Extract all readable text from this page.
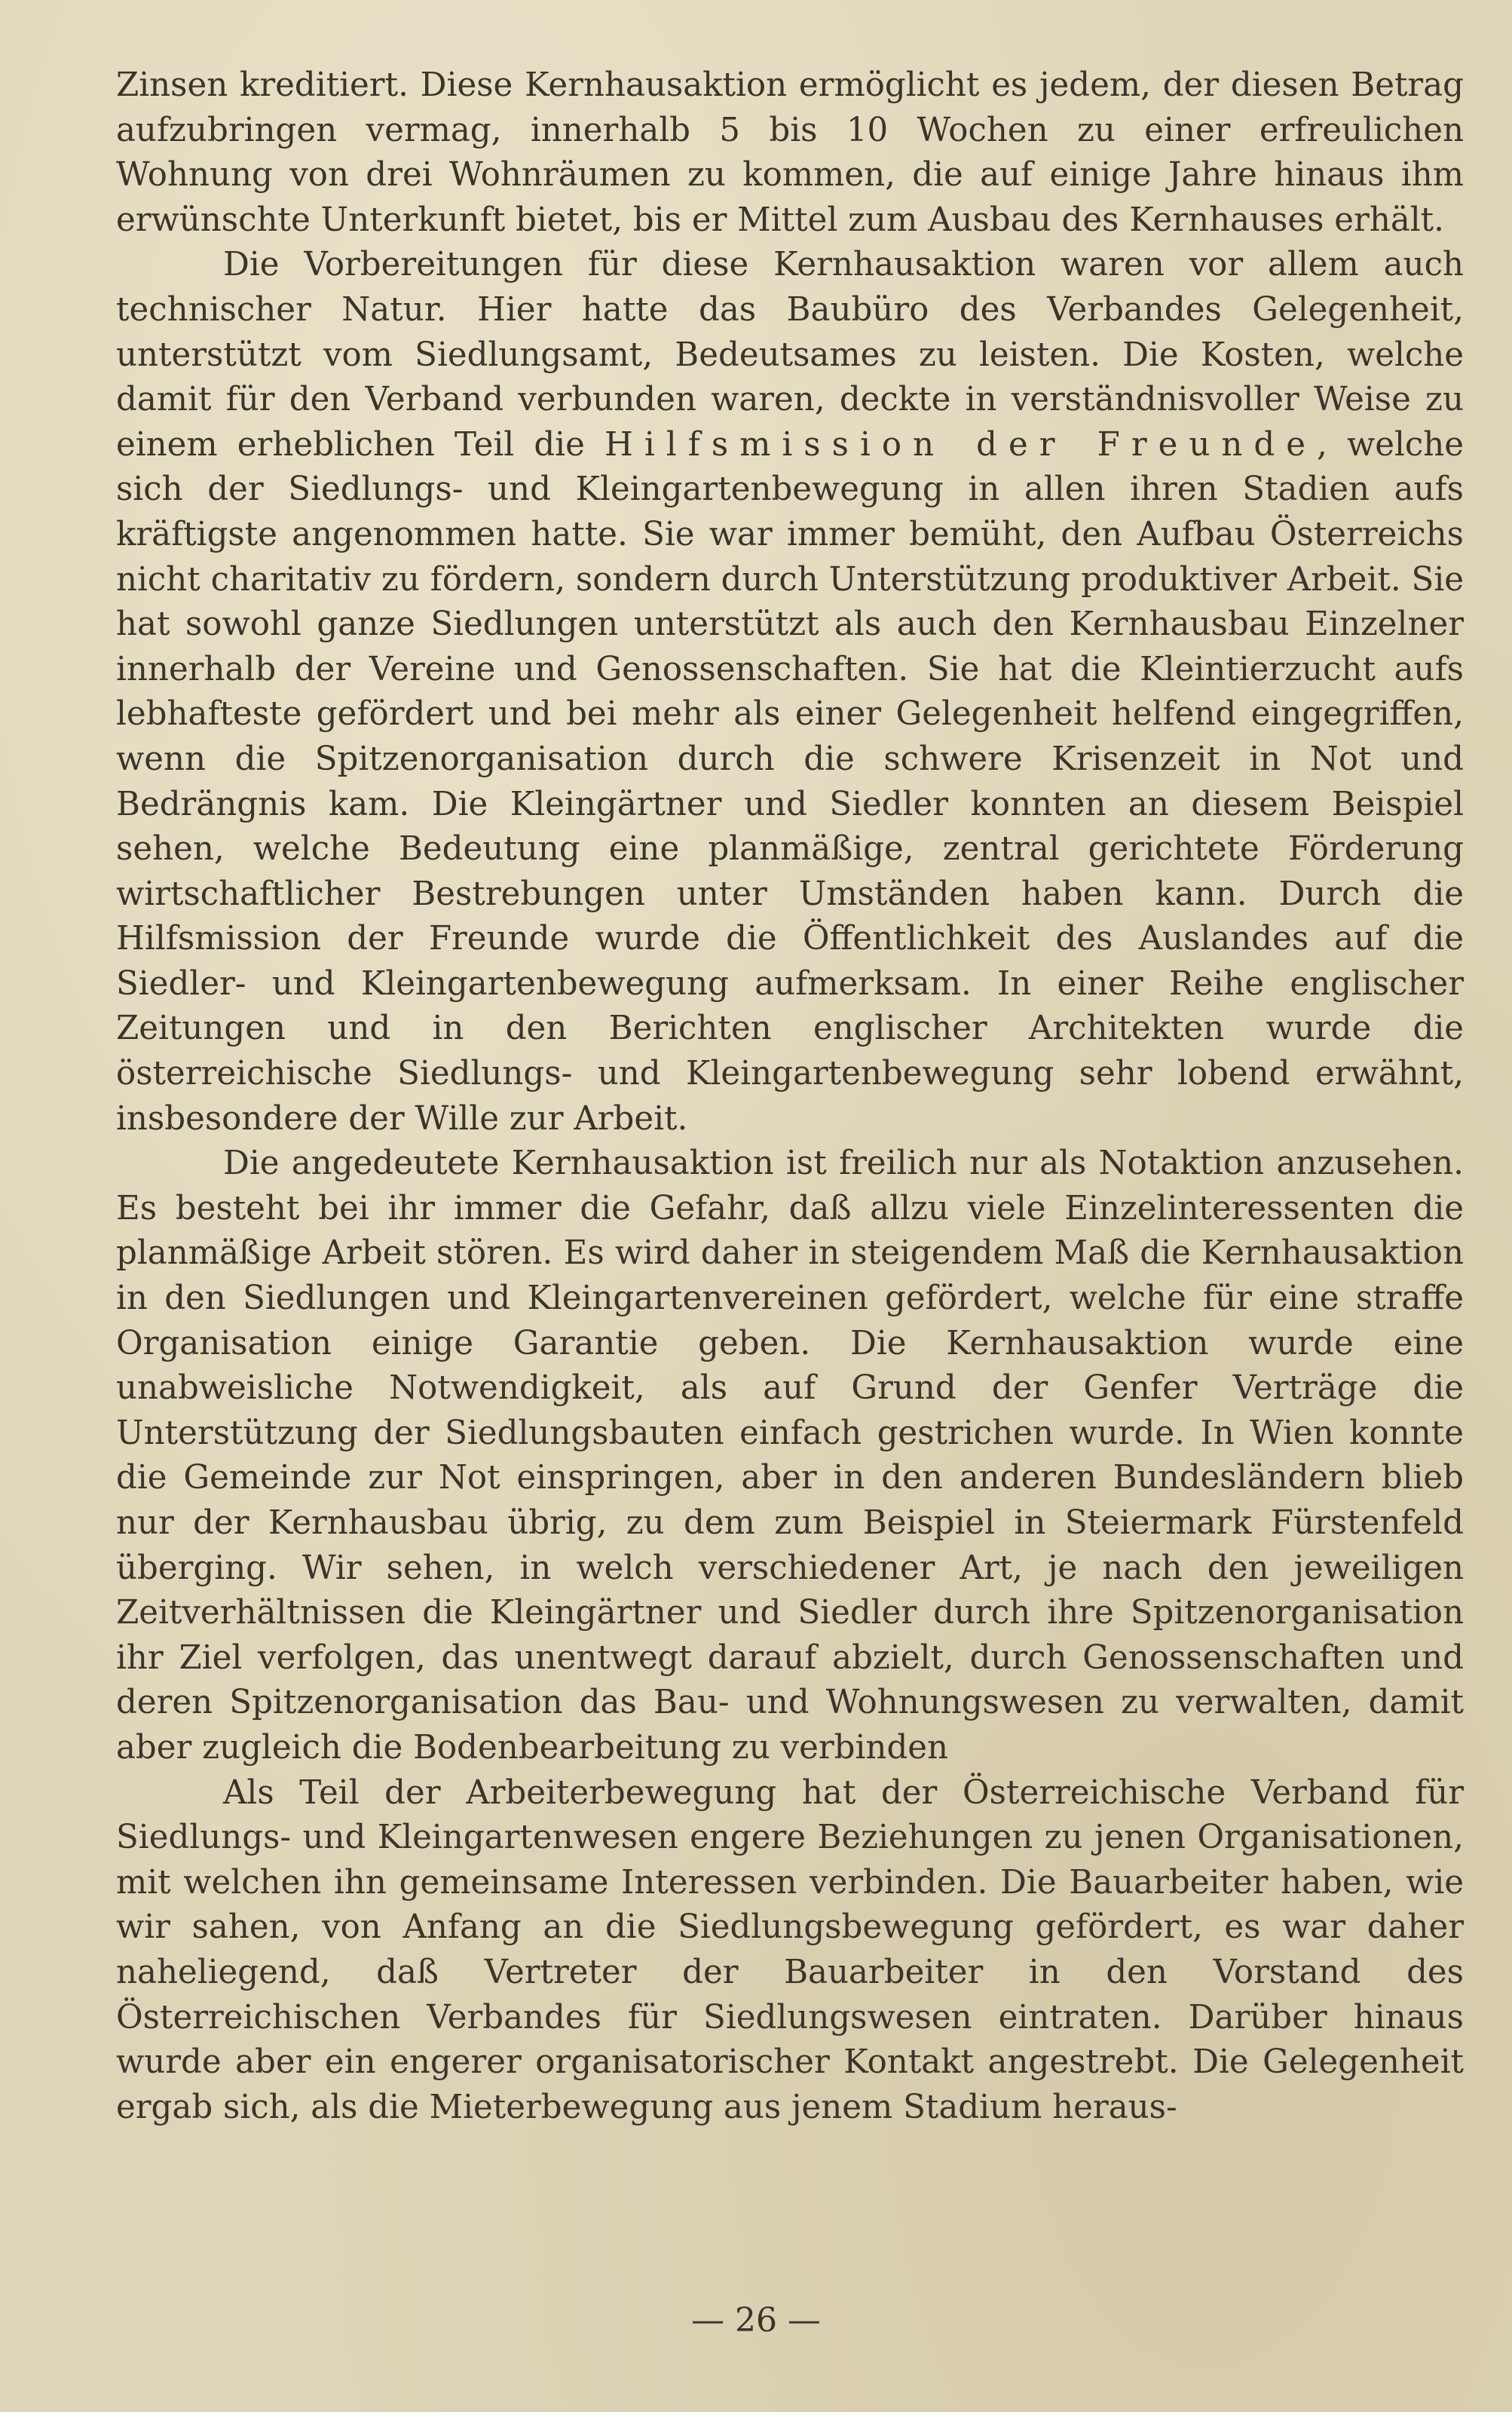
Zinsen kreditiert. Diese Kernhausaktion ermöglicht es jedem, der diesen Betrag aufzubringen vermag, innerhalb 5 bis 10 Wochen zu einer erfreulichen Wohnung von drei Wohnräumen zu kommen, die auf einige Jahre hinaus ihm erwünschte Unterkunft bietet, bis er Mittel zum Ausbau des Kernhauses erhält.

Die Vorbereitungen für diese Kernhausaktion waren vor allem auch technischer Natur. Hier hatte das Baubüro des Verbandes Gelegenheit, unterstützt vom Siedlungsamt, Bedeutsames zu leisten. Die Kosten, welche damit für den Verband verbunden waren, deckte in verständnisvoller Weise zu einem erheblichen Teil die Hilfsmission der Freunde, welche sich der Siedlungs- und Kleingartenbewegung in allen ihren Stadien aufs kräftigste angenommen hatte. Sie war immer bemüht, den Aufbau Österreichs nicht charitativ zu fördern, sondern durch Unterstützung produktiver Arbeit. Sie hat sowohl ganze Siedlungen unterstützt als auch den Kernhausbau Einzelner innerhalb der Vereine und Genossenschaften. Sie hat die Kleintierzucht aufs lebhafteste gefördert und bei mehr als einer Gelegenheit helfend eingegriffen, wenn die Spitzenorganisation durch die schwere Krisenzeit in Not und Bedrängnis kam. Die Kleingärtner und Siedler konnten an diesem Beispiel sehen, welche Bedeutung eine planmäßige, zentral gerichtete Förderung wirtschaftlicher Bestrebungen unter Umständen haben kann. Durch die Hilfsmission der Freunde wurde die Öffentlichkeit des Auslandes auf die Siedler- und Kleingartenbewegung aufmerksam. In einer Reihe englischer Zeitungen und in den Berichten englischer Architekten wurde die österreichische Siedlungs- und Kleingartenbewegung sehr lobend erwähnt, insbesondere der Wille zur Arbeit.

Die angedeutete Kernhausaktion ist freilich nur als Notaktion anzusehen. Es besteht bei ihr immer die Gefahr, daß allzu viele Einzelinteressenten die planmäßige Arbeit stören. Es wird daher in steigendem Maß die Kernhausaktion in den Siedlungen und Kleingartenvereinen gefördert, welche für eine straffe Organisation einige Garantie geben. Die Kernhausaktion wurde eine unabweisliche Notwendigkeit, als auf Grund der Genfer Verträge die Unterstützung der Siedlungsbauten einfach gestrichen wurde. In Wien konnte die Gemeinde zur Not einspringen, aber in den anderen Bundesländern blieb nur der Kernhausbau übrig, zu dem zum Beispiel in Steiermark Fürstenfeld überging. Wir sehen, in welch verschiedener Art, je nach den jeweiligen Zeitverhältnissen die Kleingärtner und Siedler durch ihre Spitzenorganisation ihr Ziel verfolgen, das unentwegt darauf abzielt, durch Genossenschaften und deren Spitzenorganisation das Bau- und Wohnungswesen zu verwalten, damit aber zugleich die Bodenbearbeitung zu verbinden

Als Teil der Arbeiterbewegung hat der Österreichische Verband für Siedlungs- und Kleingartenwesen engere Beziehungen zu jenen Organisationen, mit welchen ihn gemeinsame Interessen verbinden. Die Bauarbeiter haben, wie wir sahen, von Anfang an die Siedlungsbewegung gefördert, es war daher naheliegend, daß Vertreter der Bauarbeiter in den Vorstand des Österreichischen Verbandes für Siedlungswesen eintraten. Darüber hinaus wurde aber ein engerer organisatorischer Kontakt angestrebt. Die Gelegenheit ergab sich, als die Mieterbewegung aus jenem Stadium heraus-

— 26 —
